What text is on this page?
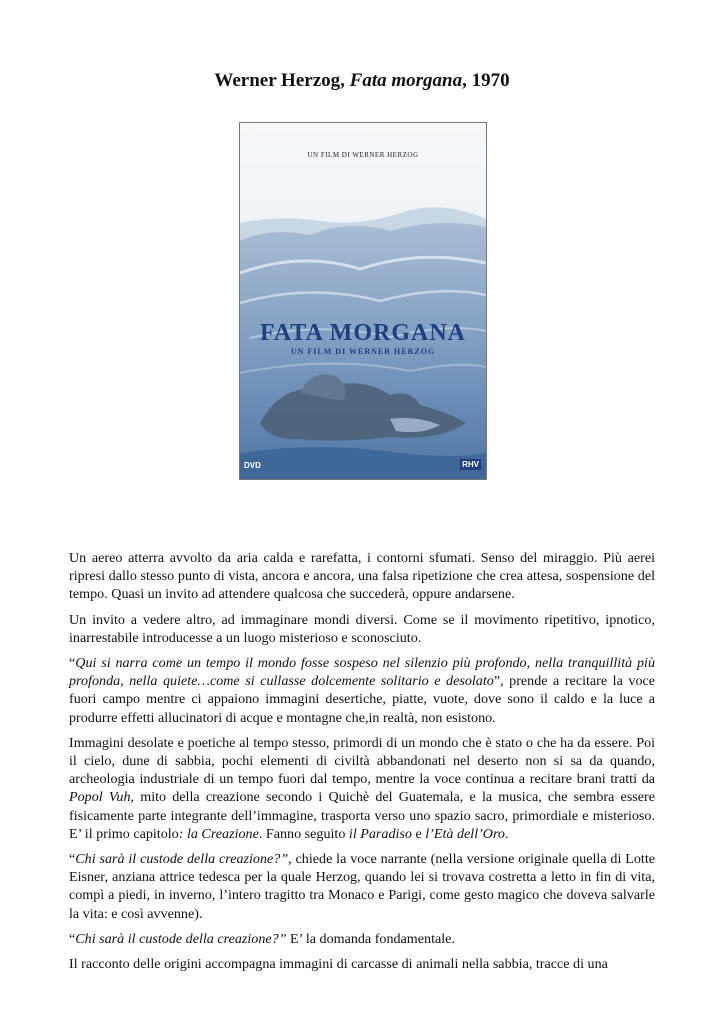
Werner Herzog, Fata morgana, 1970
UN FILM DI WERNER HERZOG
FATA MORGANA
UN FILM DI WERNER HERZOG
DVD	RHV

Un aereo atterra avvolto da aria calda e rarefatta, i contorni sfumati. Senso del miraggio. Più aerei ripresi dallo stesso punto di vista, ancora e ancora, una falsa ripetizione che crea attesa, sospensione del tempo. Quasi un invito ad attendere qualcosa che succederà, oppure andarsene.

Un invito a vedere altro, ad immaginare mondi diversi. Come se il movimento ripetitivo, ipnotico, inarrestabile introducesse a un luogo misterioso e sconosciuto.

“Qui si narra come un tempo il mondo fosse sospeso nel silenzio più profondo, nella tranquillità più profonda, nella quiete…come si cullasse dolcemente solitario e desolato”, prende a recitare la voce fuori campo mentre ci appaiono immagini desertiche, piatte, vuote, dove sono il caldo e la luce a produrre effetti allucinatori di acque e montagne che,in realtà, non esistono.

Immagini desolate e poetiche al tempo stesso, primordi di un mondo che è stato o che ha da essere. Poi il cielo, dune di sabbia, pochi elementi di civiltà abbandonati nel deserto non si sa da quando, archeologia industriale di un tempo fuori dal tempo, mentre la voce continua a recitare brani tratti da Popol Vuh, mito della creazione secondo i Quichè del Guatemala, e la musica, che sembra essere fisicamente parte integrante dell’immagine, trasporta verso uno spazio sacro, primordiale e misterioso. E’ il primo capitolo: la Creazione. Fanno seguito il Paradiso e l’Età dell’Oro.

“Chi sarà il custode della creazione?”, chiede la voce narrante (nella versione originale quella di Lotte Eisner, anziana attrice tedesca per la quale Herzog, quando lei si trovava costretta a letto in fin di vita, compì a piedi, in inverno, l’intero tragitto tra Monaco e Parigi, come gesto magico che doveva salvarle la vita: e così avvenne).

“Chi sarà il custode della creazione?” E’ la domanda fondamentale.

Il racconto delle origini accompagna immagini di carcasse di animali nella sabbia, tracce di una
